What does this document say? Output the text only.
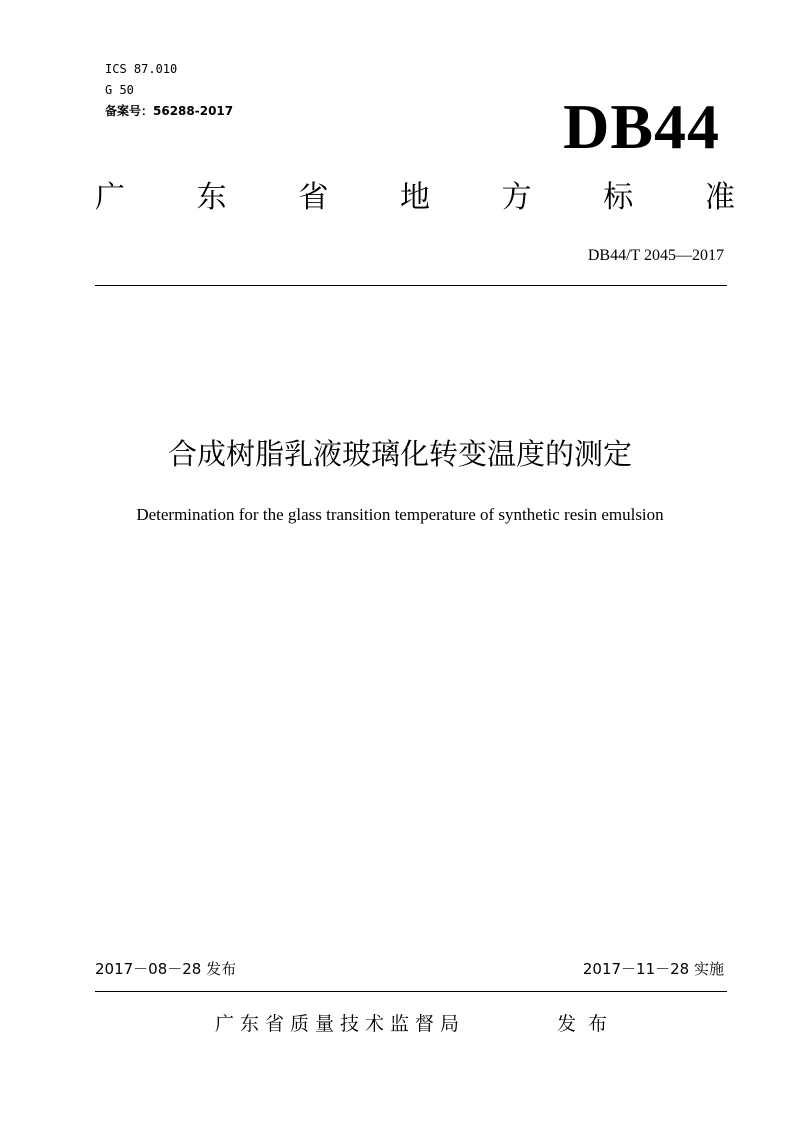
ICS 87.010
G 50
备案号：56288-2017	DB44
广 东 省 地 方 标 准
DB44/T 2045—2017
合成树脂乳液玻璃化转变温度的测定
Determination for the glass transition temperature of synthetic resin emulsion
2017－08－28 发布	2017－11－28 实施
广东省质量技术监督局	发布
